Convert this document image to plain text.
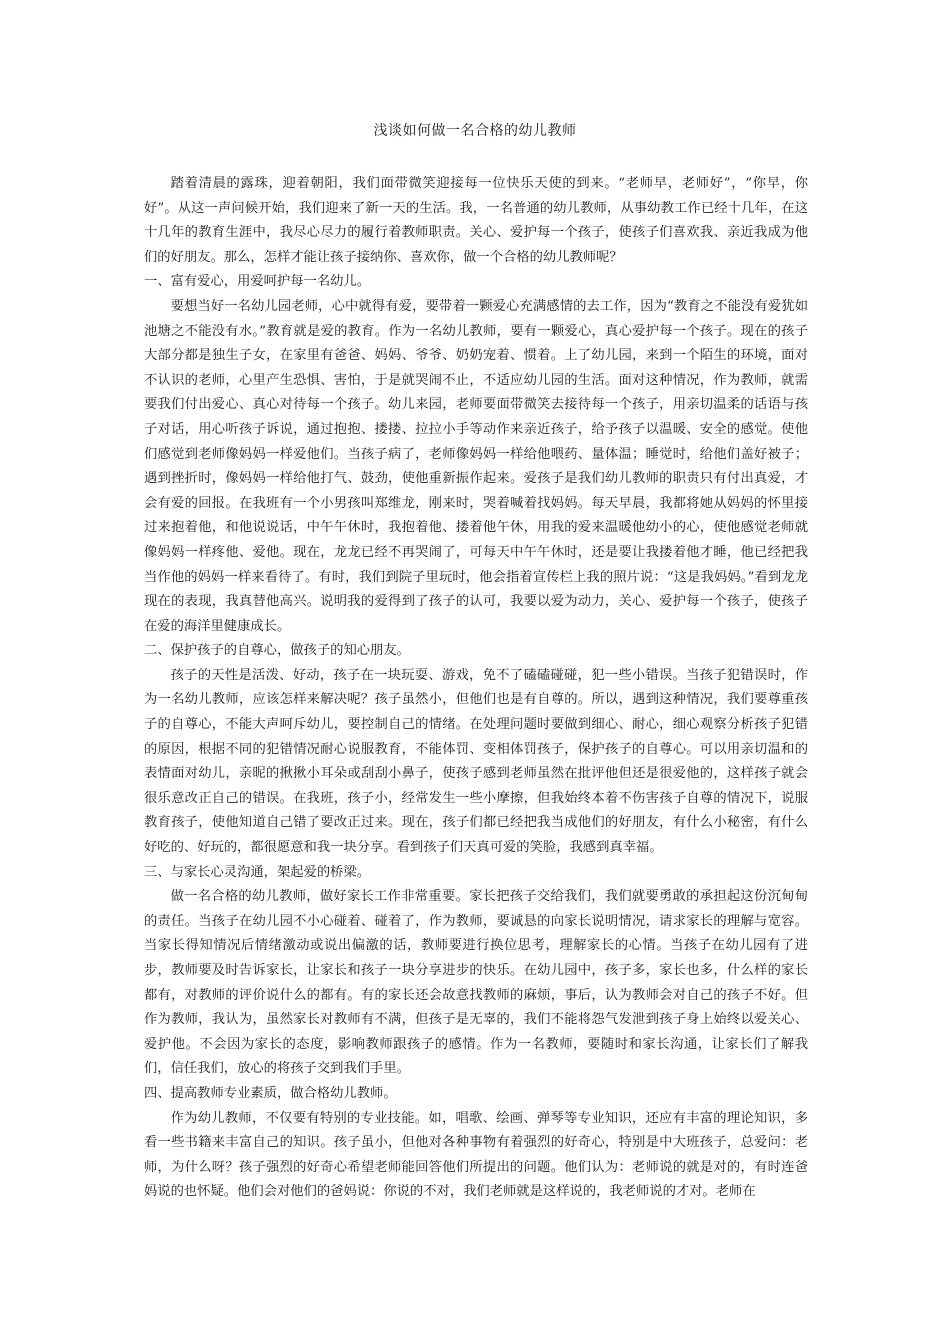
浅谈如何做一名合格的幼儿教师

踏着清晨的露珠，迎着朝阳，我们面带微笑迎接每一位快乐天使的到来。“老师早，老师好”，“你早，你好”。从这一声问候开始，我们迎来了新一天的生活。我，一名普通的幼儿教师，从事幼教工作已经十几年，在这十几年的教育生涯中，我尽心尽力的履行着教师职责。关心、爱护每一个孩子，使孩子们喜欢我、亲近我成为他们的好朋友。那么，怎样才能让孩子接纳你、喜欢你，做一个合格的幼儿教师呢？

一、富有爱心，用爱呵护每一名幼儿。

要想当好一名幼儿园老师，心中就得有爱，要带着一颗爱心充满感情的去工作，因为“教育之不能没有爱犹如池塘之不能没有水。”教育就是爱的教育。作为一名幼儿教师，要有一颗爱心，真心爱护每一个孩子。现在的孩子大部分都是独生子女，在家里有爸爸、妈妈、爷爷、奶奶宠着、惯着。上了幼儿园，来到一个陌生的环境，面对不认识的老师，心里产生恐惧、害怕，于是就哭闹不止，不适应幼儿园的生活。面对这种情况，作为教师，就需要我们付出爱心、真心对待每一个孩子。幼儿来园，老师要面带微笑去接待每一个孩子，用亲切温柔的话语与孩子对话，用心听孩子诉说，通过抱抱、搂搂、拉拉小手等动作来亲近孩子，给予孩子以温暖、安全的感觉。使他们感觉到老师像妈妈一样爱他们。当孩子病了，老师像妈妈一样给他喂药、量体温；睡觉时，给他们盖好被子；遇到挫折时，像妈妈一样给他打气、鼓劲，使他重新振作起来。爱孩子是我们幼儿教师的职责只有付出真爱，才会有爱的回报。在我班有一个小男孩叫郑维龙，刚来时，哭着喊着找妈妈。每天早晨，我都将她从妈妈的怀里接过来抱着他，和他说说话，中午午休时，我抱着他、搂着他午休，用我的爱来温暖他幼小的心，使他感觉老师就像妈妈一样疼他、爱他。现在，龙龙已经不再哭闹了，可每天中午午休时，还是要让我搂着他才睡，他已经把我当作他的妈妈一样来看待了。有时，我们到院子里玩时，他会指着宣传栏上我的照片说：“这是我妈妈。”看到龙龙现在的表现，我真替他高兴。说明我的爱得到了孩子的认可，我要以爱为动力，关心、爱护每一个孩子，使孩子在爱的海洋里健康成长。

二、保护孩子的自尊心，做孩子的知心朋友。

孩子的天性是活泼、好动，孩子在一块玩耍、游戏，免不了磕磕碰碰，犯一些小错误。当孩子犯错误时，作为一名幼儿教师，应该怎样来解决呢？孩子虽然小，但他们也是有自尊的。所以，遇到这种情况，我们要尊重孩子的自尊心，不能大声呵斥幼儿，要控制自己的情绪。在处理问题时要做到细心、耐心，细心观察分析孩子犯错的原因，根据不同的犯错情况耐心说服教育，不能体罚、变相体罚孩子，保护孩子的自尊心。可以用亲切温和的表情面对幼儿，亲昵的揪揪小耳朵或刮刮小鼻子，使孩子感到老师虽然在批评他但还是很爱他的，这样孩子就会很乐意改正自己的错误。在我班，孩子小，经常发生一些小摩擦，但我始终本着不伤害孩子自尊的情况下，说服教育孩子，使他知道自己错了要改正过来。现在，孩子们都已经把我当成他们的好朋友，有什么小秘密，有什么好吃的、好玩的，都很愿意和我一块分享。看到孩子们天真可爱的笑脸，我感到真幸福。

三、与家长心灵沟通，架起爱的桥梁。

做一名合格的幼儿教师，做好家长工作非常重要。家长把孩子交给我们，我们就要勇敢的承担起这份沉甸甸的责任。当孩子在幼儿园不小心碰着、碰着了，作为教师，要诚恳的向家长说明情况，请求家长的理解与宽容。当家长得知情况后情绪激动或说出偏激的话，教师要进行换位思考，理解家长的心情。当孩子在幼儿园有了进步，教师要及时告诉家长，让家长和孩子一块分享进步的快乐。在幼儿园中，孩子多，家长也多，什么样的家长都有，对教师的评价说什么的都有。有的家长还会故意找教师的麻烦，事后，认为教师会对自己的孩子不好。但作为教师，我认为，虽然家长对教师有不满，但孩子是无辜的，我们不能将怨气发泄到孩子身上始终以爱关心、爱护他。不会因为家长的态度，影响教师跟孩子的感情。作为一名教师，要随时和家长沟通，让家长们了解我们，信任我们，放心的将孩子交到我们手里。

四、提高教师专业素质，做合格幼儿教师。

作为幼儿教师，不仅要有特别的专业技能。如，唱歌、绘画、弹琴等专业知识，还应有丰富的理论知识，多看一些书籍来丰富自己的知识。孩子虽小，但他对各种事物有着强烈的好奇心，特别是中大班孩子，总爱问：老师，为什么呀？孩子强烈的好奇心希望老师能回答他们所提出的问题。他们认为：老师说的就是对的，有时连爸妈说的也怀疑。他们会对他们的爸妈说：你说的不对，我们老师就是这样说的，我老师说的才对。老师在
